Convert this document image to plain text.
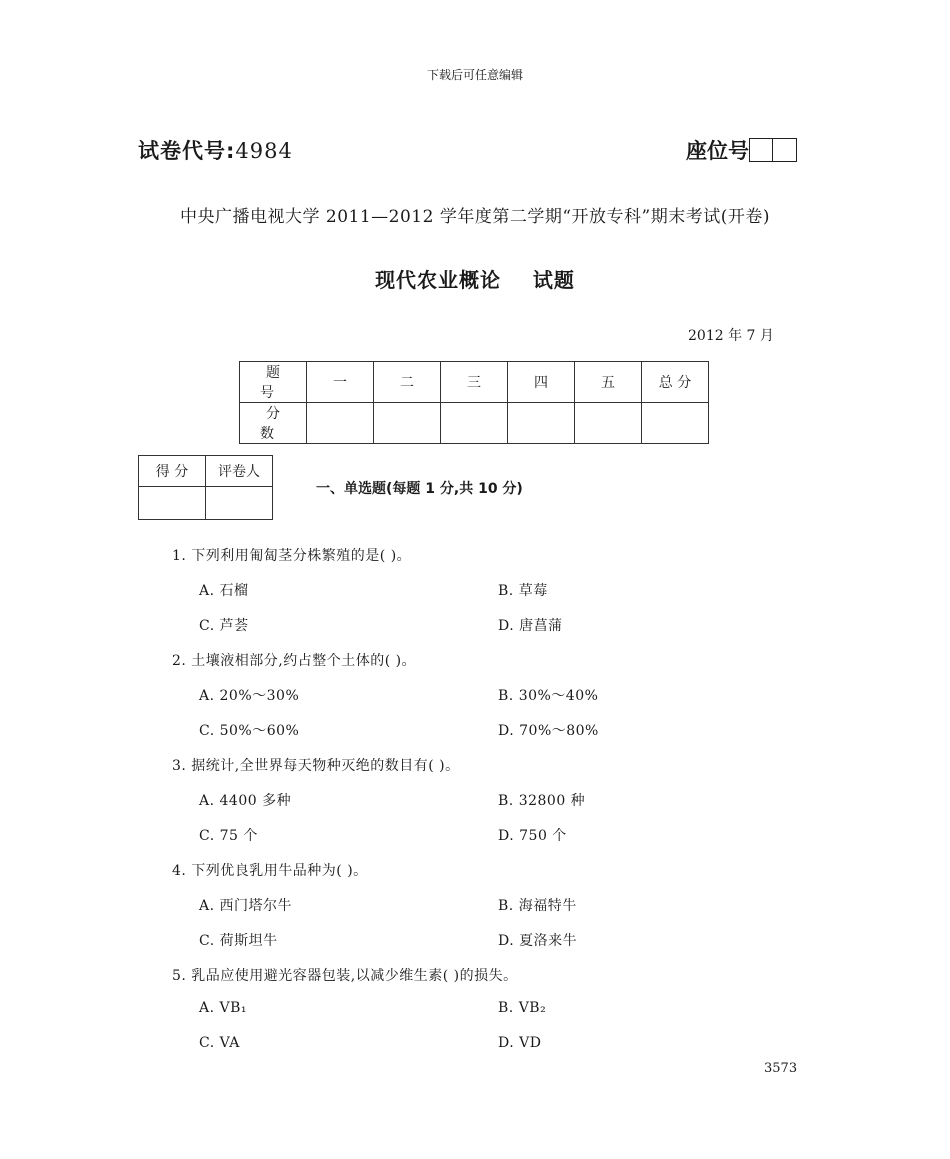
下载后可任意编辑
试卷代号:4984	座位号
中央广播电视大学 2011—2012 学年度第二学期“开放专科”期末考试(开卷)
现代农业概论    试题
2012 年 7 月
题 号	一	二	三	四	五	总 分
分 数						
得 分	评卷人

一、单选题(每题 1 分,共 10 分)
1. 下列利用匍匐茎分株繁殖的是( )。
A. 石榴	B. 草莓
C. 芦荟	D. 唐菖蒲
2. 土壤液相部分,约占整个土体的( )。
A. 20%～30%	B. 30%～40%
C. 50%～60%	D. 70%～80%
3. 据统计,全世界每天物种灭绝的数目有( )。
A. 4400 多种	B. 32800 种
C. 75 个	D. 750 个
4. 下列优良乳用牛品种为( )。
A. 西门塔尔牛	B. 海福特牛
C. 荷斯坦牛	D. 夏洛来牛
5. 乳品应使用避光容器包装,以减少维生素( )的损失。
A. VB₁	B. VB₂
C. VA	D. VD
3573
